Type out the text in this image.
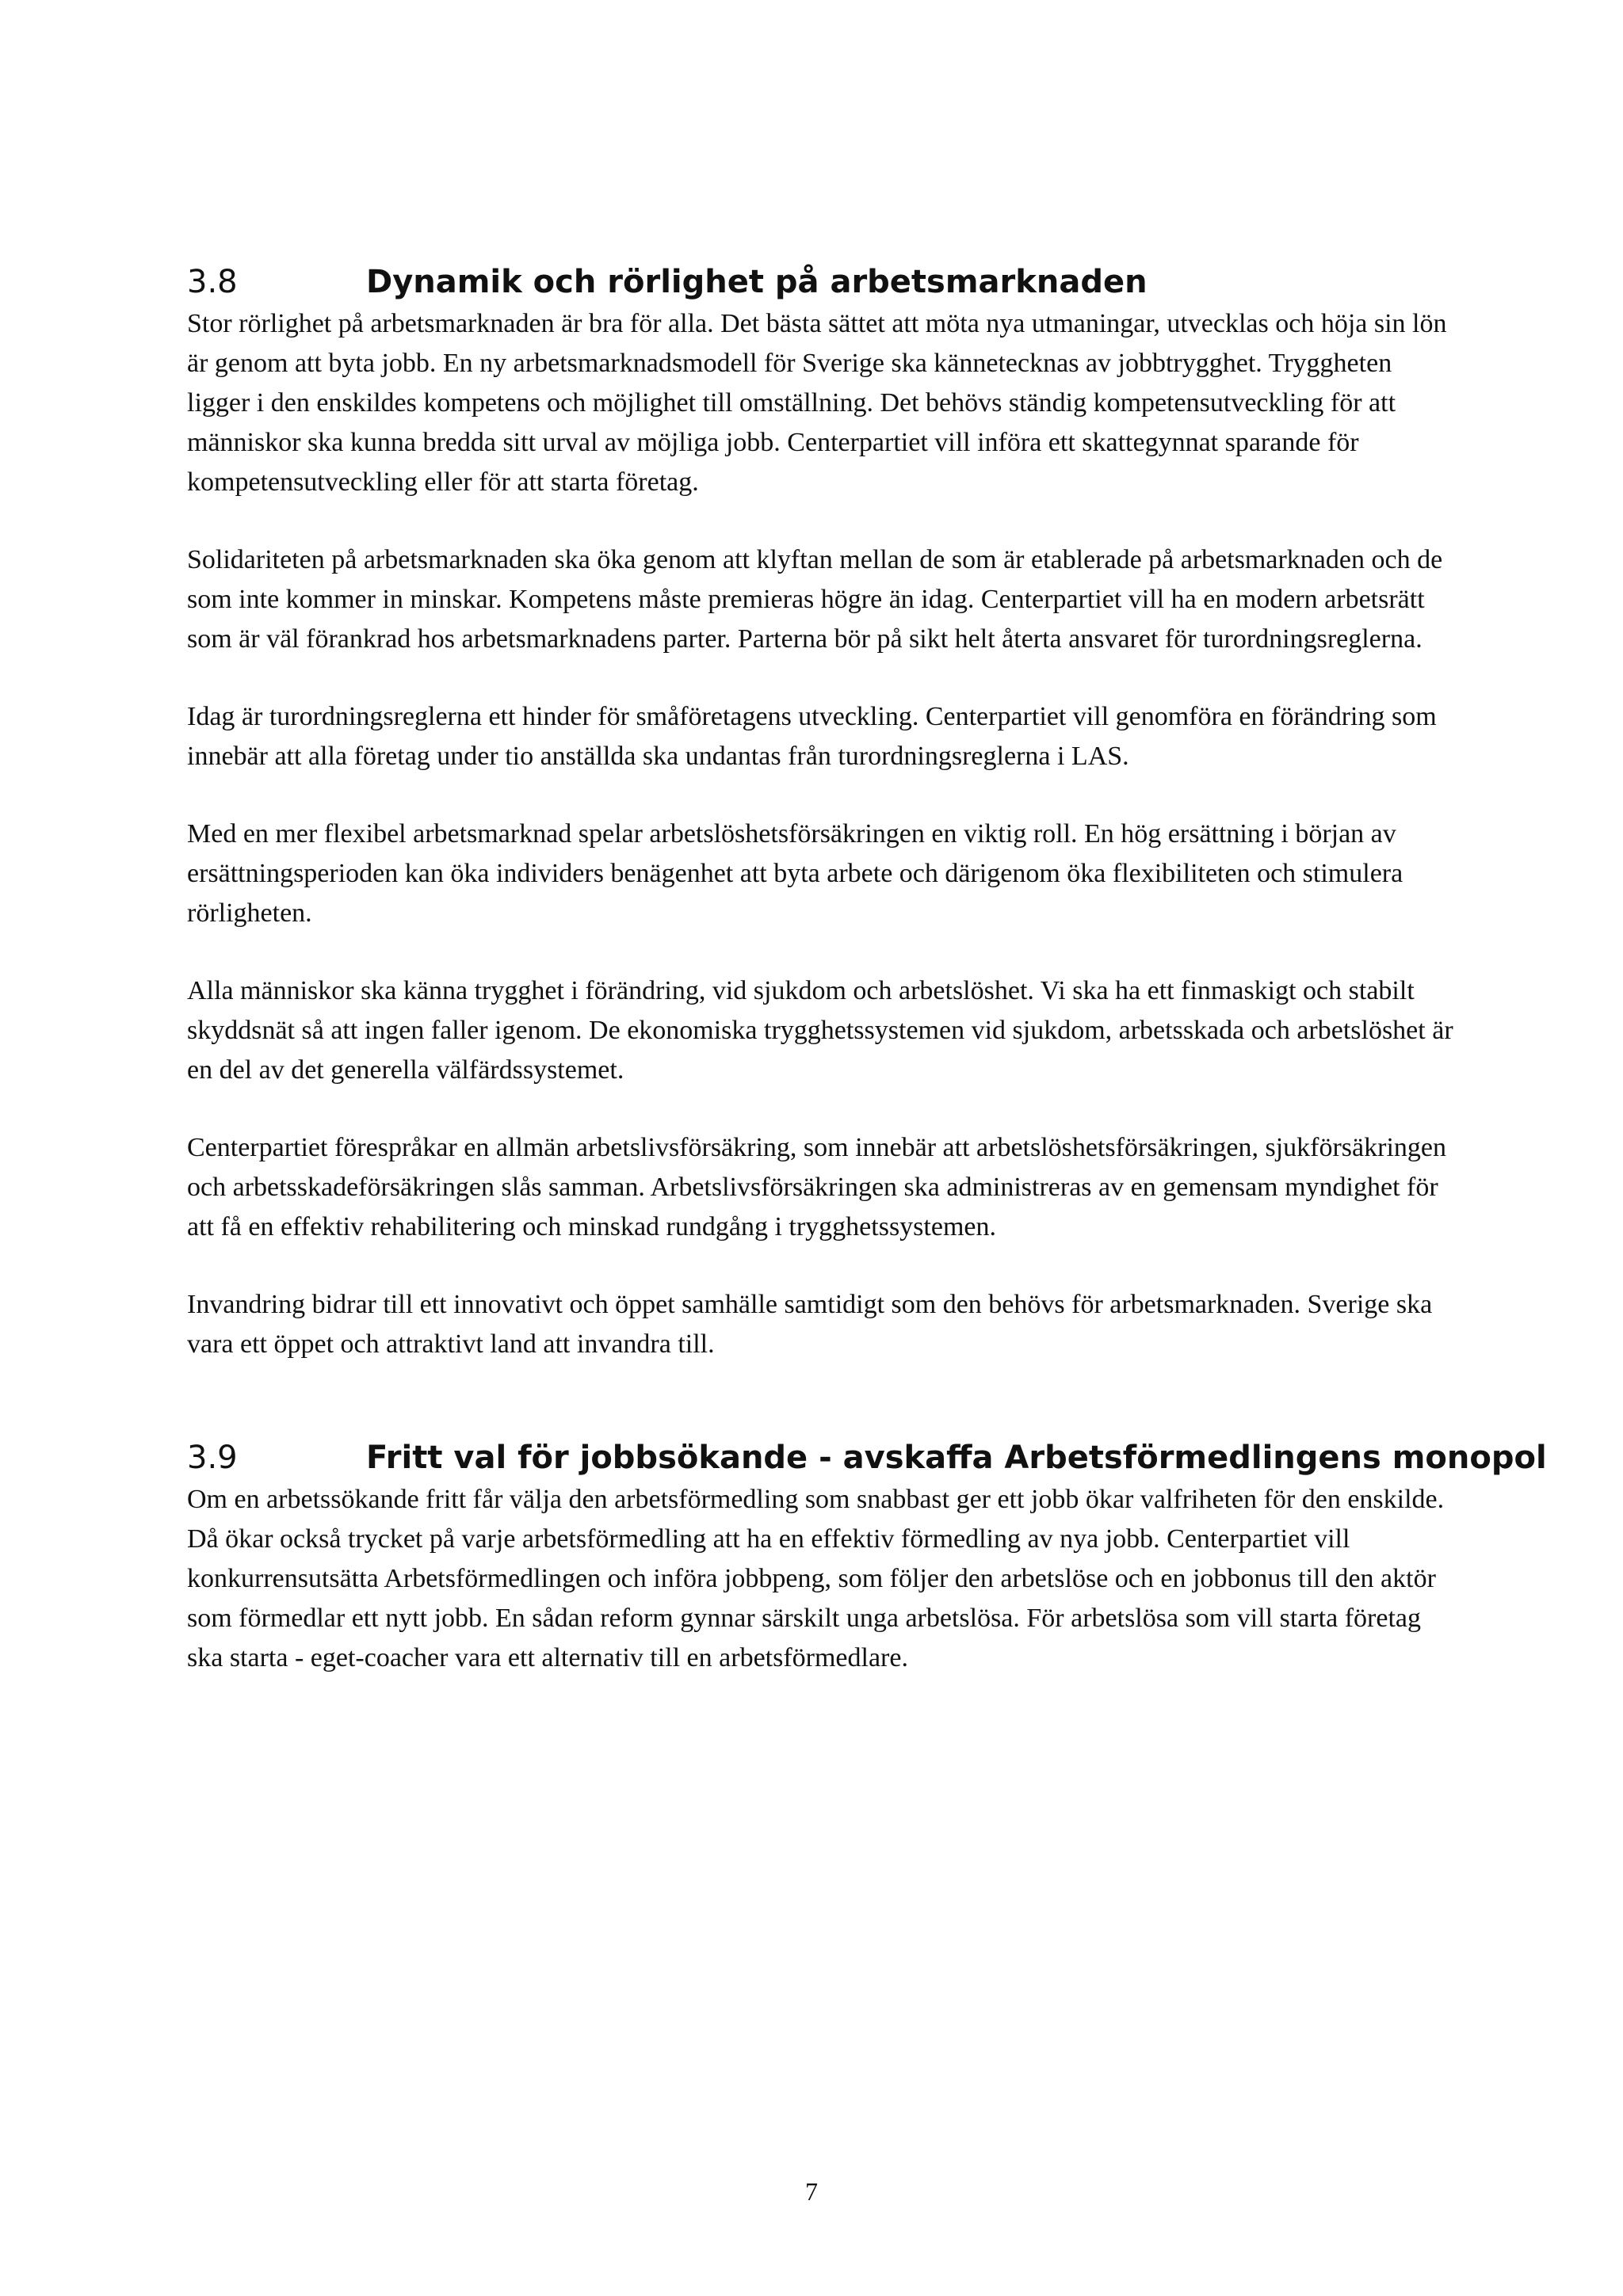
3.8	Dynamik och rörlighet på arbetsmarknaden

Stor rörlighet på arbetsmarknaden är bra för alla. Det bästa sättet att möta nya utmaningar, utvecklas och höja sin lön är genom att byta jobb. En ny arbetsmarknadsmodell för Sverige ska kännetecknas av jobbtrygghet. Tryggheten ligger i den enskildes kompetens och möjlighet till omställning. Det behövs ständig kompetensutveckling för att människor ska kunna bredda sitt urval av möjliga jobb. Centerpartiet vill införa ett skattegynnat sparande för kompetensutveckling eller för att starta företag.

Solidariteten på arbetsmarknaden ska öka genom att klyftan mellan de som är etablerade på arbetsmarknaden och de som inte kommer in minskar. Kompetens måste premieras högre än idag. Centerpartiet vill ha en modern arbetsrätt som är väl förankrad hos arbetsmarknadens parter. Parterna bör på sikt helt återta ansvaret för turordningsreglerna.

Idag är turordningsreglerna ett hinder för småföretagens utveckling. Centerpartiet vill genomföra en förändring som innebär att alla företag under tio anställda ska undantas från turordningsreglerna i LAS.

Med en mer flexibel arbetsmarknad spelar arbetslöshetsförsäkringen en viktig roll. En hög ersättning i början av ersättningsperioden kan öka individers benägenhet att byta arbete och därigenom öka flexibiliteten och stimulera rörligheten.

Alla människor ska känna trygghet i förändring, vid sjukdom och arbetslöshet. Vi ska ha ett finmaskigt och stabilt skyddsnät så att ingen faller igenom. De ekonomiska trygghetssystemen vid sjukdom, arbetsskada och arbetslöshet är en del av det generella välfärdssystemet.

Centerpartiet förespråkar en allmän arbetslivsförsäkring, som innebär att arbetslöshetsförsäkringen, sjukförsäkringen och arbetsskadeförsäkringen slås samman. Arbetslivsförsäkringen ska administreras av en gemensam myndighet för att få en effektiv rehabilitering och minskad rundgång i trygghetssystemen.

Invandring bidrar till ett innovativt och öppet samhälle samtidigt som den behövs för arbetsmarknaden. Sverige ska vara ett öppet och attraktivt land att invandra till.

3.9	Fritt val för jobbsökande - avskaffa Arbetsförmedlingens monopol

Om en arbetssökande fritt får välja den arbetsförmedling som snabbast ger ett jobb ökar valfriheten för den enskilde. Då ökar också trycket på varje arbetsförmedling att ha en effektiv förmedling av nya jobb. Centerpartiet vill konkurrensutsätta Arbetsförmedlingen och införa jobbpeng, som följer den arbetslöse och en jobbonus till den aktör som förmedlar ett nytt jobb. En sådan reform gynnar särskilt unga arbetslösa. För arbetslösa som vill starta företag ska starta - eget-coacher vara ett alternativ till en arbetsförmedlare.

7
